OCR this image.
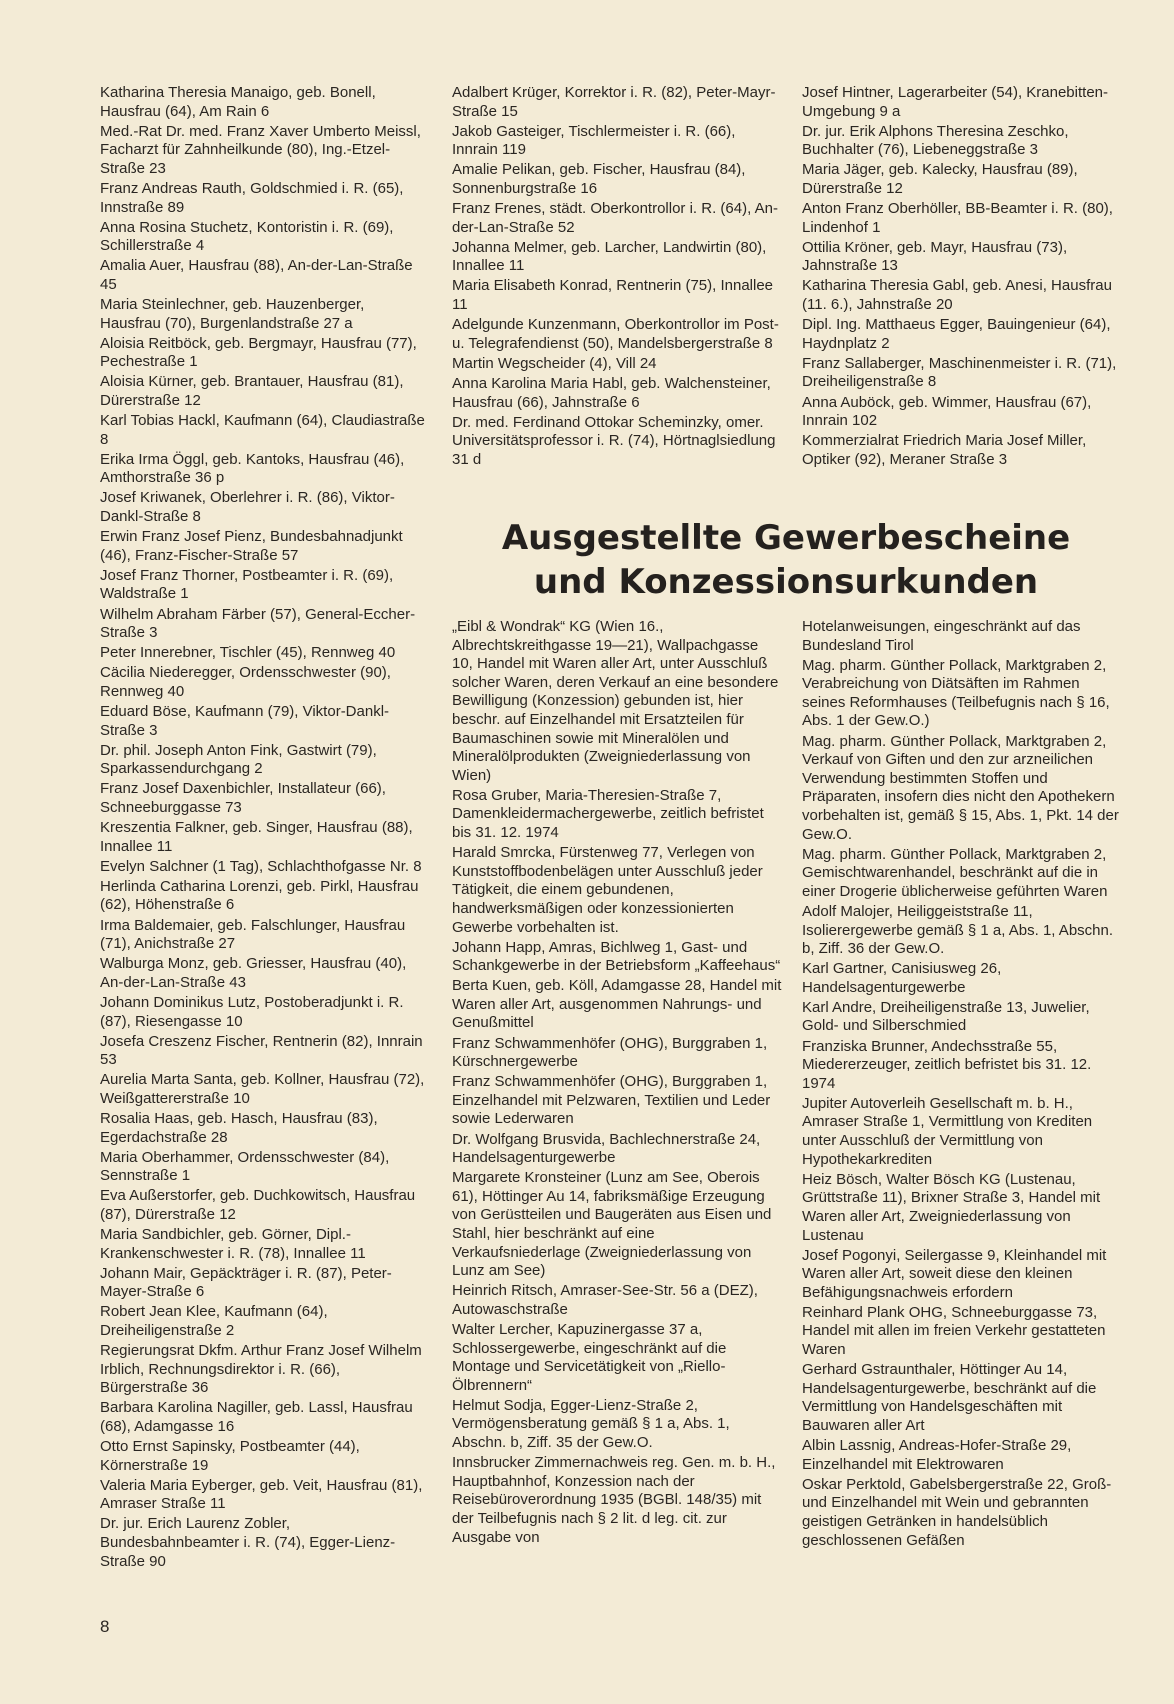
Katharina Theresia Manaigo, geb. Bonell, Hausfrau (64), Am Rain 6

Med.-Rat Dr. med. Franz Xaver Umberto Meissl, Facharzt für Zahnheilkunde (80), Ing.-Etzel-Straße 23

Franz Andreas Rauth, Goldschmied i. R. (65), Innstraße 89

Anna Rosina Stuchetz, Kontoristin i. R. (69), Schillerstraße 4

Amalia Auer, Hausfrau (88), An-der-Lan-Straße 45

Maria Steinlechner, geb. Hauzenberger, Hausfrau (70), Burgenlandstraße 27 a

Aloisia Reitböck, geb. Bergmayr, Hausfrau (77), Pechestraße 1

Aloisia Kürner, geb. Brantauer, Hausfrau (81), Dürerstraße 12

Karl Tobias Hackl, Kaufmann (64), Claudiastraße 8

Erika Irma Öggl, geb. Kantoks, Hausfrau (46), Amthorstraße 36 p

Josef Kriwanek, Oberlehrer i. R. (86), Viktor-Dankl-Straße 8

Erwin Franz Josef Pienz, Bundesbahnadjunkt (46), Franz-Fischer-Straße 57

Josef Franz Thorner, Postbeamter i. R. (69), Waldstraße 1

Wilhelm Abraham Färber (57), General-Eccher-Straße 3

Peter Innerebner, Tischler (45), Rennweg 40

Cäcilia Niederegger, Ordensschwester (90), Rennweg 40

Eduard Böse, Kaufmann (79), Viktor-Dankl-Straße 3

Dr. phil. Joseph Anton Fink, Gastwirt (79), Sparkassendurchgang 2

Franz Josef Daxenbichler, Installateur (66), Schneeburggasse 73

Kreszentia Falkner, geb. Singer, Hausfrau (88), Innallee 11

Evelyn Salchner (1 Tag), Schlachthofgasse Nr. 8

Herlinda Catharina Lorenzi, geb. Pirkl, Hausfrau (62), Höhenstraße 6

Irma Baldemaier, geb. Falschlunger, Hausfrau (71), Anichstraße 27

Walburga Monz, geb. Griesser, Hausfrau (40), An-der-Lan-Straße 43

Johann Dominikus Lutz, Postoberadjunkt i. R. (87), Riesengasse 10

Josefa Creszenz Fischer, Rentnerin (82), Innrain 53

Aurelia Marta Santa, geb. Kollner, Hausfrau (72), Weißgattererstraße 10

Rosalia Haas, geb. Hasch, Hausfrau (83), Egerdachstraße 28

Maria Oberhammer, Ordensschwester (84), Sennstraße 1

Eva Außerstorfer, geb. Duchkowitsch, Hausfrau (87), Dürerstraße 12

Maria Sandbichler, geb. Görner, Dipl.-Krankenschwester i. R. (78), Innallee 11

Johann Mair, Gepäckträger i. R. (87), Peter-Mayer-Straße 6

Robert Jean Klee, Kaufmann (64), Dreiheiligenstraße 2

Regierungsrat Dkfm. Arthur Franz Josef Wilhelm Irblich, Rechnungsdirektor i. R. (66), Bürgerstraße 36

Barbara Karolina Nagiller, geb. Lassl, Hausfrau (68), Adamgasse 16

Otto Ernst Sapinsky, Postbeamter (44), Körnerstraße 19

Valeria Maria Eyberger, geb. Veit, Hausfrau (81), Amraser Straße 11

Dr. jur. Erich Laurenz Zobler, Bundesbahnbeamter i. R. (74), Egger-Lienz-Straße 90

Adalbert Krüger, Korrektor i. R. (82), Peter-Mayr-Straße 15

Jakob Gasteiger, Tischlermeister i. R. (66), Innrain 119

Amalie Pelikan, geb. Fischer, Hausfrau (84), Sonnenburgstraße 16

Franz Frenes, städt. Oberkontrollor i. R. (64), An-der-Lan-Straße 52

Johanna Melmer, geb. Larcher, Landwirtin (80), Innallee 11

Maria Elisabeth Konrad, Rentnerin (75), Innallee 11

Adelgunde Kunzenmann, Oberkontrollor im Post- u. Telegrafendienst (50), Mandelsbergerstraße 8

Martin Wegscheider (4), Vill 24

Anna Karolina Maria Habl, geb. Walchensteiner, Hausfrau (66), Jahnstraße 6

Dr. med. Ferdinand Ottokar Scheminzky, omer. Universitätsprofessor i. R. (74), Hörtnaglsiedlung 31 d

Josef Hintner, Lagerarbeiter (54), Kranebitten-Umgebung 9 a

Dr. jur. Erik Alphons Theresina Zeschko, Buchhalter (76), Liebeneggstraße 3

Maria Jäger, geb. Kalecky, Hausfrau (89), Dürerstraße 12

Anton Franz Oberhöller, BB-Beamter i. R. (80), Lindenhof 1

Ottilia Kröner, geb. Mayr, Hausfrau (73), Jahnstraße 13

Katharina Theresia Gabl, geb. Anesi, Hausfrau (11. 6.), Jahnstraße 20

Dipl. Ing. Matthaeus Egger, Bauingenieur (64), Haydnplatz 2

Franz Sallaberger, Maschinenmeister i. R. (71), Dreiheiligenstraße 8

Anna Auböck, geb. Wimmer, Hausfrau (67), Innrain 102

Kommerzialrat Friedrich Maria Josef Miller, Optiker (92), Meraner Straße 3

Ausgestellte Gewerbescheine
und Konzessionsurkunden

„Eibl & Wondrak“ KG (Wien 16., Albrechtskreithgasse 19—21), Wallpachgasse 10, Handel mit Waren aller Art, unter Ausschluß solcher Waren, deren Verkauf an eine besondere Bewilligung (Konzession) gebunden ist, hier beschr. auf Einzelhandel mit Ersatzteilen für Baumaschinen sowie mit Mineralölen und Mineralölprodukten (Zweigniederlassung von Wien)

Rosa Gruber, Maria-Theresien-Straße 7, Damenkleidermachergewerbe, zeitlich befristet bis 31. 12. 1974

Harald Smrcka, Fürstenweg 77, Verlegen von Kunststoffbodenbelägen unter Ausschluß jeder Tätigkeit, die einem gebundenen, handwerksmäßigen oder konzessionierten Gewerbe vorbehalten ist.

Johann Happ, Amras, Bichlweg 1, Gast- und Schankgewerbe in der Betriebsform „Kaffeehaus“

Berta Kuen, geb. Köll, Adamgasse 28, Handel mit Waren aller Art, ausgenommen Nahrungs- und Genußmittel

Franz Schwammenhöfer (OHG), Burggraben 1, Kürschnergewerbe

Franz Schwammenhöfer (OHG), Burggraben 1, Einzelhandel mit Pelzwaren, Textilien und Leder sowie Lederwaren

Dr. Wolfgang Brusvida, Bachlechnerstraße 24, Handelsagenturgewerbe

Margarete Kronsteiner (Lunz am See, Oberois 61), Höttinger Au 14, fabriksmäßige Erzeugung von Gerüstteilen und Baugeräten aus Eisen und Stahl, hier beschränkt auf eine Verkaufsniederlage (Zweigniederlassung von Lunz am See)

Heinrich Ritsch, Amraser-See-Str. 56 a (DEZ), Autowaschstraße

Walter Lercher, Kapuzinergasse 37 a, Schlossergewerbe, eingeschränkt auf die Montage und Servicetätigkeit von „Riello-Ölbrennern“

Helmut Sodja, Egger-Lienz-Straße 2, Vermögensberatung gemäß § 1 a, Abs. 1, Abschn. b, Ziff. 35 der Gew.O.

Innsbrucker Zimmernachweis reg. Gen. m. b. H., Hauptbahnhof, Konzession nach der Reisebüroverordnung 1935 (BGBl. 148/35) mit der Teilbefugnis nach § 2 lit. d leg. cit. zur Ausgabe von

Hotelanweisungen, eingeschränkt auf das Bundesland Tirol

Mag. pharm. Günther Pollack, Marktgraben 2, Verabreichung von Diätsäften im Rahmen seines Reformhauses (Teilbefugnis nach § 16, Abs. 1 der Gew.O.)

Mag. pharm. Günther Pollack, Marktgraben 2, Verkauf von Giften und den zur arzneilichen Verwendung bestimmten Stoffen und Präparaten, insofern dies nicht den Apothekern vorbehalten ist, gemäß § 15, Abs. 1, Pkt. 14 der Gew.O.

Mag. pharm. Günther Pollack, Marktgraben 2, Gemischtwarenhandel, beschränkt auf die in einer Drogerie üblicherweise geführten Waren

Adolf Malojer, Heiliggeiststraße 11, Isolierergewerbe gemäß § 1 a, Abs. 1, Abschn. b, Ziff. 36 der Gew.O.

Karl Gartner, Canisiusweg 26, Handelsagenturgewerbe

Karl Andre, Dreiheiligenstraße 13, Juwelier, Gold- und Silberschmied

Franziska Brunner, Andechsstraße 55, Miedererzeuger, zeitlich befristet bis 31. 12. 1974

Jupiter Autoverleih Gesellschaft m. b. H., Amraser Straße 1, Vermittlung von Krediten unter Ausschluß der Vermittlung von Hypothekarkrediten

Heiz Bösch, Walter Bösch KG (Lustenau, Grüttstraße 11), Brixner Straße 3, Handel mit Waren aller Art, Zweigniederlassung von Lustenau

Josef Pogonyi, Seilergasse 9, Kleinhandel mit Waren aller Art, soweit diese den kleinen Befähigungsnachweis erfordern

Reinhard Plank OHG, Schneeburggasse 73, Handel mit allen im freien Verkehr gestatteten Waren

Gerhard Gstraunthaler, Höttinger Au 14, Handelsagenturgewerbe, beschränkt auf die Vermittlung von Handelsgeschäften mit Bauwaren aller Art

Albin Lassnig, Andreas-Hofer-Straße 29, Einzelhandel mit Elektrowaren

Oskar Perktold, Gabelsbergerstraße 22, Groß- und Einzelhandel mit Wein und gebrannten geistigen Getränken in handelsüblich geschlossenen Gefäßen

8
